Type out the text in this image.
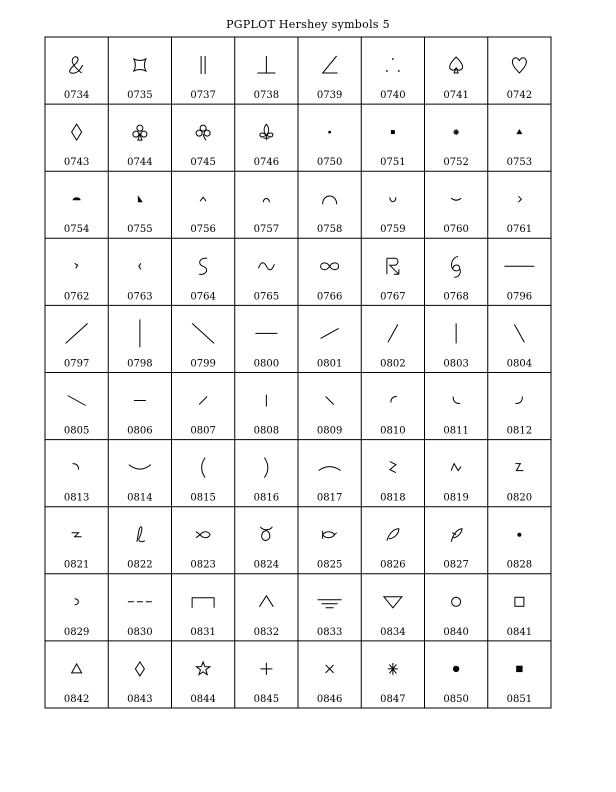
PGPLOT Hershey symbols 5
0734	0735	0737	0738	0739	0740	0741	0742
0743	0744	0745	0746	0750	0751	0752	0753
0754	0755	0756	0757	0758	0759	0760	0761
0762	0763	0764	0765	0766	0767	0768	0796
0797	0798	0799	0800	0801	0802	0803	0804
0805	0806	0807	0808	0809	0810	0811	0812
0813	0814	0815	0816	0817	0818	0819	0820
0821	0822	0823	0824	0825	0826	0827	0828
0829	0830	0831	0832	0833	0834	0840	0841
0842	0843	0844	0845	0846	0847	0850	0851
